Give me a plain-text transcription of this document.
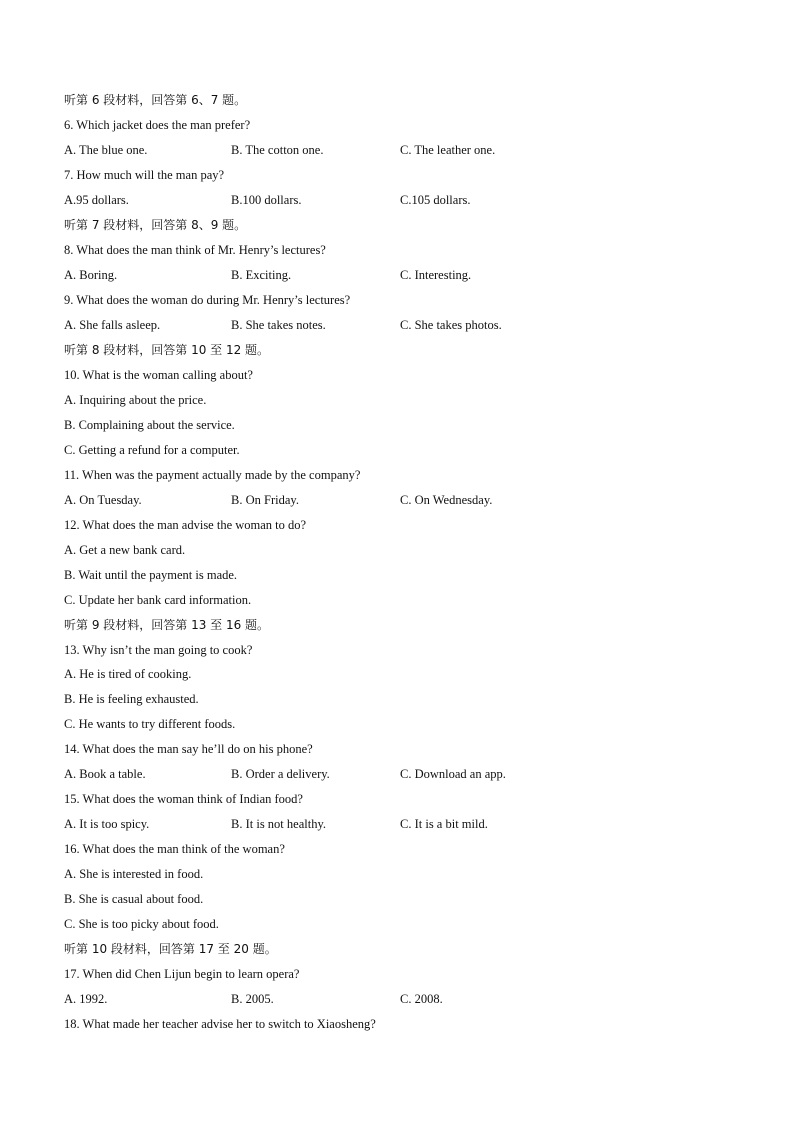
听第 6 段材料，回答第 6、7 题。
6. Which jacket does the man prefer?
A. The blue one.	B. The cotton one.	C. The leather one.
7. How much will the man pay?
A.95 dollars.	B.100 dollars.	C.105 dollars.
听第 7 段材料，回答第 8、9 题。
8. What does the man think of Mr. Henry’s lectures?
A. Boring.	B. Exciting.	C. Interesting.
9. What does the woman do during Mr. Henry’s lectures?
A. She falls asleep.	B. She takes notes.	C. She takes photos.
听第 8 段材料，回答第 10 至 12 题。
10. What is the woman calling about?
A. Inquiring about the price.
B. Complaining about the service.
C. Getting a refund for a computer.
11. When was the payment actually made by the company?
A. On Tuesday.	B. On Friday.	C. On Wednesday.
12. What does the man advise the woman to do?
A. Get a new bank card.
B. Wait until the payment is made.
C. Update her bank card information.
听第 9 段材料，回答第 13 至 16 题。
13. Why isn’t the man going to cook?
A. He is tired of cooking.
B. He is feeling exhausted.
C. He wants to try different foods.
14. What does the man say he’ll do on his phone?
A. Book a table.	B. Order a delivery.	C. Download an app.
15. What does the woman think of Indian food?
A. It is too spicy.	B. It is not healthy.	C. It is a bit mild.
16. What does the man think of the woman?
A. She is interested in food.
B. She is casual about food.
C. She is too picky about food.
听第 10 段材料，回答第 17 至 20 题。
17. When did Chen Lijun begin to learn opera?
A. 1992.	B. 2005.	C. 2008.
18. What made her teacher advise her to switch to Xiaosheng?
